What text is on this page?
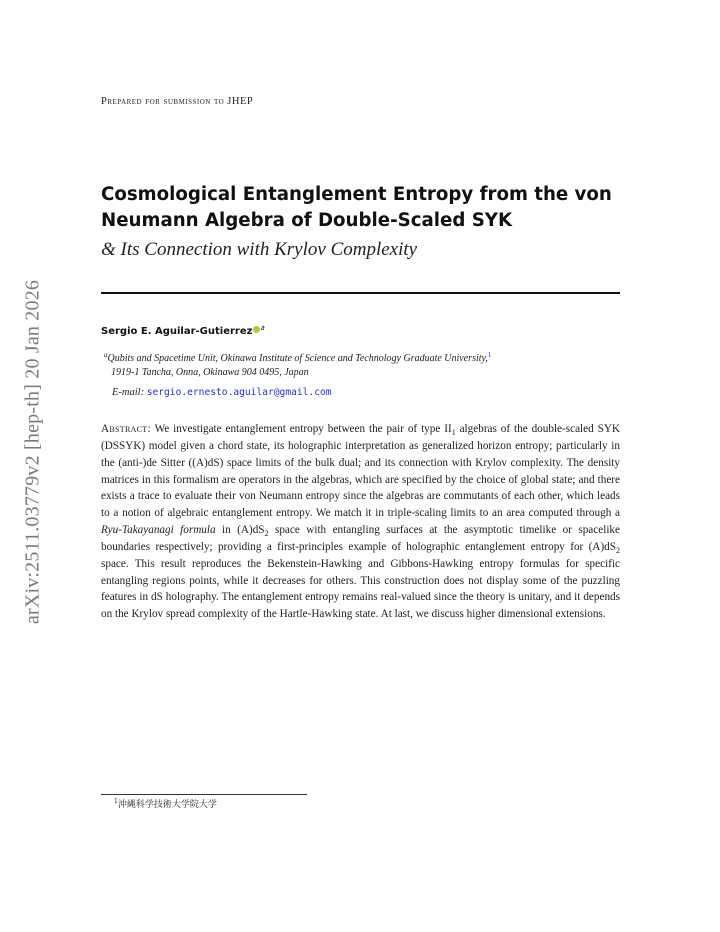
arXiv:2511.03779v2 [hep-th] 20 Jan 2026
Prepared for submission to JHEP
Cosmological Entanglement Entropy from the von Neumann Algebra of Double-Scaled SYK
& Its Connection with Krylov Complexity
Sergio E. Aguilar-Gutierrez $^a$
$^a$Qubits and Spacetime Unit, Okinawa Institute of Science and Technology Graduate University,$^1$
1919-1 Tancha, Onna, Okinawa 904 0495, Japan
E-mail: sergio.ernesto.aguilar@gmail.com
Abstract: We investigate entanglement entropy between the pair of type $II_1$ algebras of the double-scaled SYK (DSSYK) model given a chord state, its holographic interpretation as generalized horizon entropy; particularly in the (anti-)de Sitter ((A)dS) space limits of the bulk dual; and its connection with Krylov complexity. The density matrices in this formalism are operators in the algebras, which are specified by the choice of global state; and there exists a trace to evaluate their von Neumann entropy since the algebras are commutants of each other, which leads to a notion of algebraic entanglement entropy. We match it in triple-scaling limits to an area computed through a Ryu-Takayanagi formula in $(A)dS_2$ space with entangling surfaces at the asymptotic timelike or spacelike boundaries respectively; providing a first-principles example of holographic entanglement entropy for $(A)dS_2$ space. This result reproduces the Bekenstein-Hawking and Gibbons-Hawking entropy formulas for specific entangling regions points, while it decreases for others. This construction does not display some of the puzzling features in dS holography. The entanglement entropy remains real-valued since the theory is unitary, and it depends on the Krylov spread complexity of the Hartle-Hawking state. At last, we discuss higher dimensional extensions.
$^1$沖縄科学技術大学院大学
